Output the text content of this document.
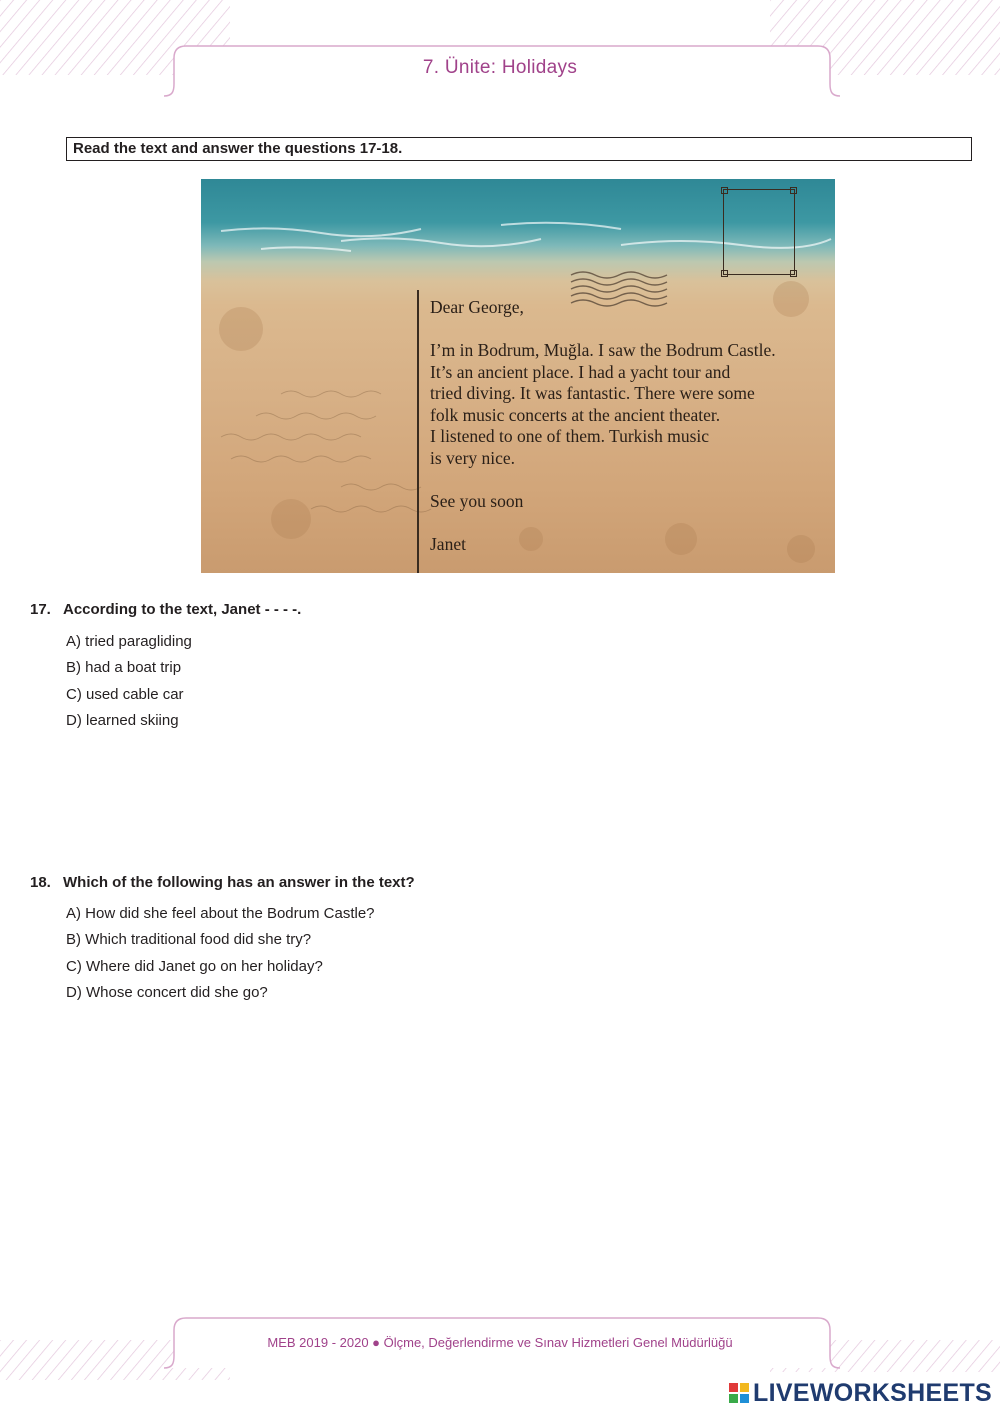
7. Ünite: Holidays
Read the text and answer the questions 17-18.
Dear George,
I’m in Bodrum, Muğla. I saw the Bodrum Castle.
It’s an ancient place. I had a yacht tour and
tried diving. It was fantastic. There were some
folk music concerts at the ancient theater.
I listened to one of them. Turkish music
is very nice.
See you soon
Janet
17. According to the text, Janet - - - -.
A) tried paragliding
B) had a boat trip
C) used cable car
D) learned skiing
18. Which of the following has an answer in the text?
A) How did she feel about the Bodrum Castle?
B) Which traditional food did she try?
C) Where did Janet go on her holiday?
D) Whose concert did she go?
MEB 2019 - 2020 ● Ölçme, Değerlendirme ve Sınav Hizmetleri Genel Müdürlüğü
LIVEWORKSHEETS
